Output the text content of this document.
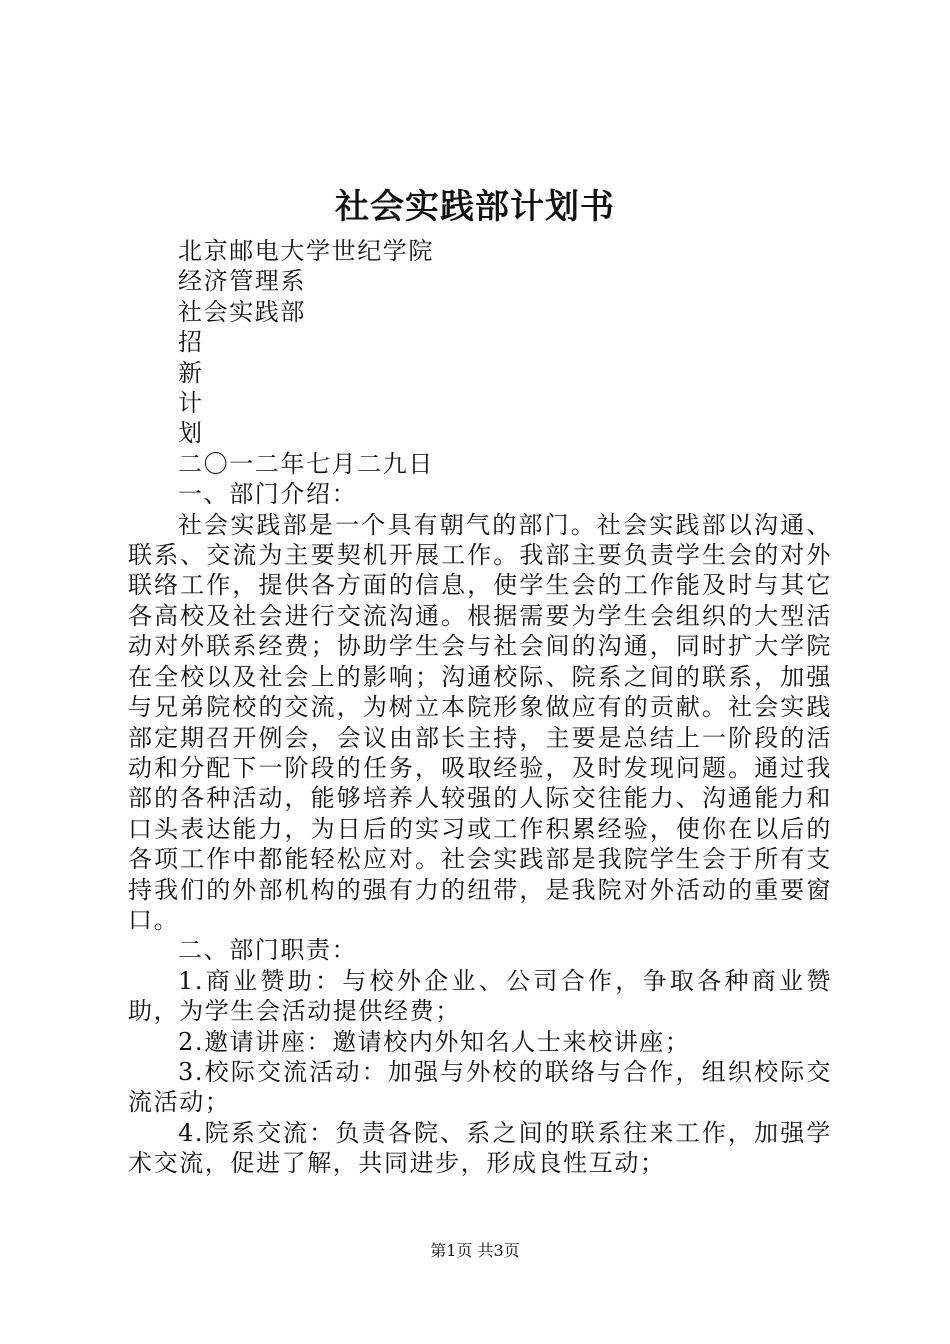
社会实践部计划书
北京邮电大学世纪学院
经济管理系
社会实践部
招
新
计
划
二〇一二年七月二九日
一、部门介绍：

社会实践部是一个具有朝气的部门。社会实践部以沟通、联系、交流为主要契机开展工作。我部主要负责学生会的对外联络工作，提供各方面的信息，使学生会的工作能及时与其它各高校及社会进行交流沟通。根据需要为学生会组织的大型活动对外联系经费；协助学生会与社会间的沟通，同时扩大学院在全校以及社会上的影响；沟通校际、院系之间的联系，加强与兄弟院校的交流，为树立本院形象做应有的贡献。社会实践部定期召开例会，会议由部长主持，主要是总结上一阶段的活动和分配下一阶段的任务，吸取经验，及时发现问题。通过我部的各种活动，能够培养人较强的人际交往能力、沟通能力和口头表达能力，为日后的实习或工作积累经验，使你在以后的各项工作中都能轻松应对。社会实践部是我院学生会于所有支持我们的外部机构的强有力的纽带，是我院对外活动的重要窗口。

二、部门职责：

1.商业赞助：与校外企业、公司合作，争取各种商业赞助，为学生会活动提供经费；

2.邀请讲座：邀请校内外知名人士来校讲座；

3.校际交流活动：加强与外校的联络与合作，组织校际交流活动；

4.院系交流：负责各院、系之间的联系往来工作，加强学术交流，促进了解，共同进步，形成良性互动；

第1页 共3页
